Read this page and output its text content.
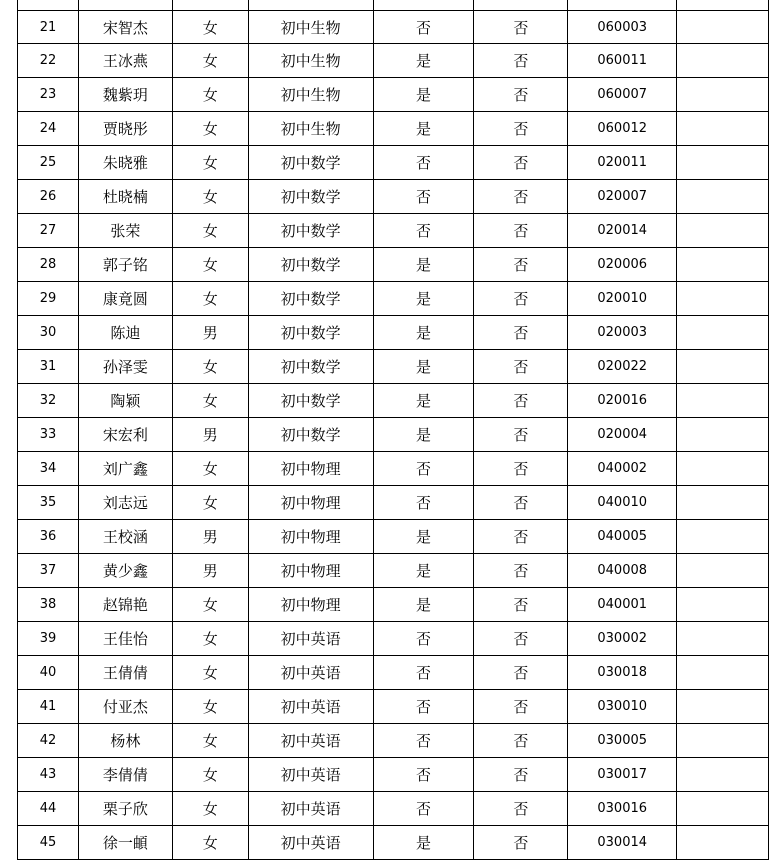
21	宋智杰	女	初中生物	否	否	060003
22	王冰燕	女	初中生物	是	否	060011
23	魏紫玥	女	初中生物	是	否	060007
24	贾晓彤	女	初中生物	是	否	060012
25	朱晓雅	女	初中数学	否	否	020011
26	杜晓楠	女	初中数学	否	否	020007
27	张荣	女	初中数学	否	否	020014
28	郭子铭	女	初中数学	是	否	020006
29	康竟圆	女	初中数学	是	否	020010
30	陈迪	男	初中数学	是	否	020003
31	孙泽雯	女	初中数学	是	否	020022
32	陶颖	女	初中数学	是	否	020016
33	宋宏利	男	初中数学	是	否	020004
34	刘广鑫	女	初中物理	否	否	040002
35	刘志远	女	初中物理	否	否	040010
36	王校涵	男	初中物理	是	否	040005
37	黄少鑫	男	初中物理	是	否	040008
38	赵锦艳	女	初中物理	是	否	040001
39	王佳怡	女	初中英语	否	否	030002
40	王倩倩	女	初中英语	否	否	030018
41	付亚杰	女	初中英语	否	否	030010
42	杨林	女	初中英语	否	否	030005
43	李倩倩	女	初中英语	否	否	030017
44	栗子欣	女	初中英语	否	否	030016
45	徐一頔	女	初中英语	是	否	030014
